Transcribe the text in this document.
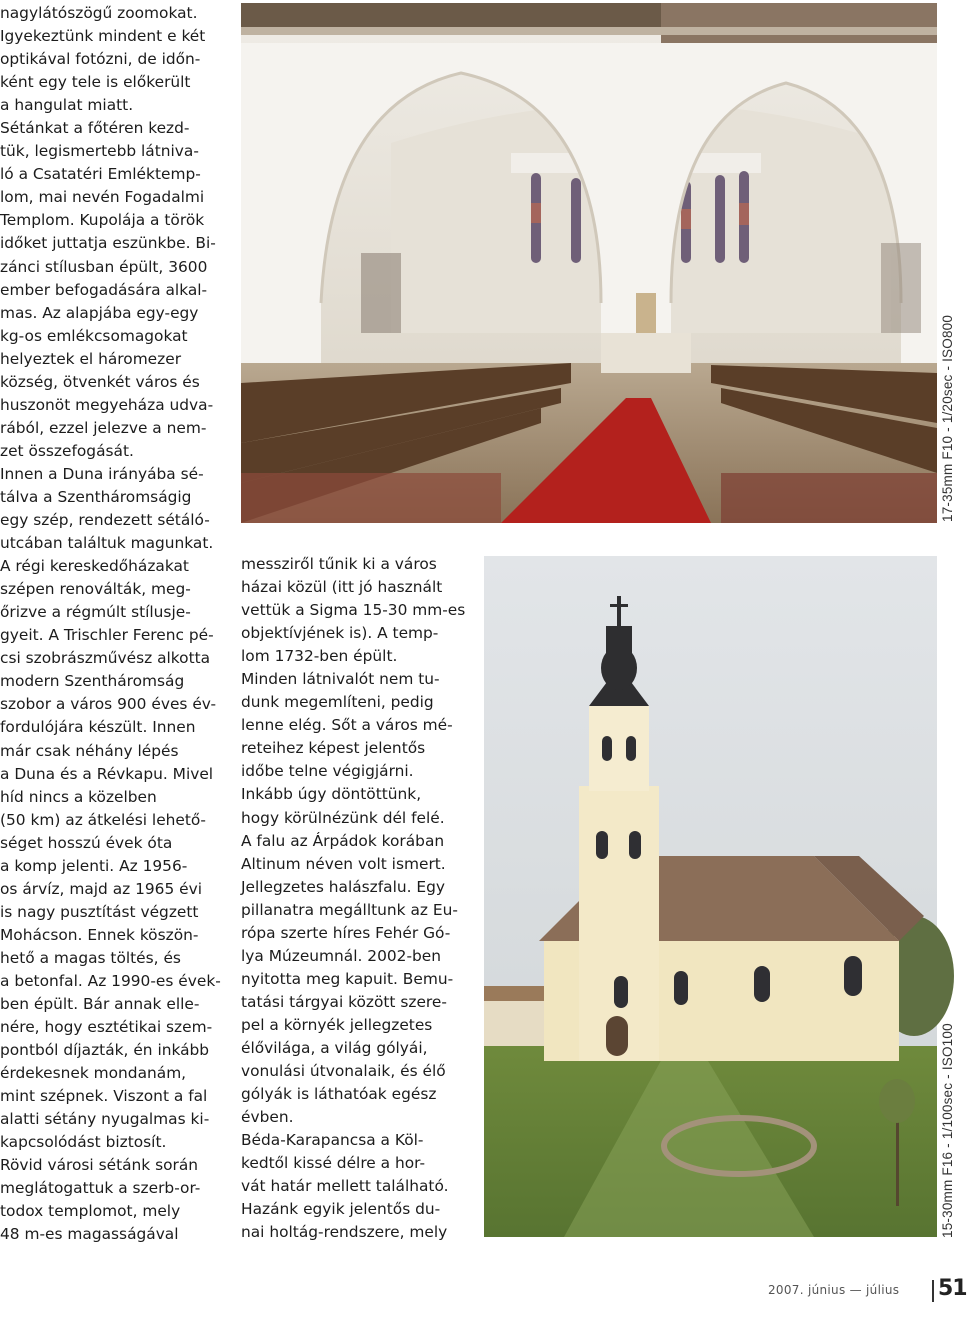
nagylátószögű zoomokat.
Igyekeztünk mindent e két
optikával fotózni, de időn-
ként egy tele is előkerült
a hangulat miatt.
Sétánkat a főtéren kezd-
tük, legismertebb látniva-
ló a Csatatéri Emléktemp-
lom, mai nevén Fogadalmi
Templom. Kupolája a török
időket juttatja eszünkbe. Bi-
zánci stílusban épült, 3600
ember befogadására alkal-
mas. Az alapjába egy-egy
kg-os emlékcsomagokat
helyeztek el háromezer
község, ötvenkét város és
huszonöt megyeháza udva-
rából, ezzel jelezve a nem-
zet összefogását.
Innen a Duna irányába sé-
tálva a Szentháromságig
egy szép, rendezett sétáló-
utcában találtuk magunkat.
A régi kereskedőházakat
szépen renoválták, meg-
őrizve a régmúlt stílusje-
gyeit. A Trischler Ferenc pé-
csi szobrászművész alkotta
modern Szentháromság
szobor a város 900 éves év-
fordulójára készült. Innen
már csak néhány lépés
a Duna és a Révkapu. Mivel
híd nincs a közelben
(50 km) az átkelési lehető-
séget hosszú évek óta
a komp jelenti. Az 1956-
os árvíz, majd az 1965 évi
is nagy pusztítást végzett
Mohácson. Ennek köszön-
hető a magas töltés, és
a betonfal. Az 1990-es évek-
ben épült. Bár annak elle-
nére, hogy esztétikai szem-
pontból díjazták, én inkább
érdekesnek mondanám,
mint szépnek. Viszont a fal
alatti sétány nyugalmas ki-
kapcsolódást biztosít.
Rövid városi sétánk során
meglátogattuk a szerb-or-
todox templomot, mely
48 m-es magasságával
messziről tűnik ki a város
házai közül (itt jó használt
vettük a Sigma 15-30 mm-es
objektívjének is). A temp-
lom 1732-ben épült.
Minden látnivalót nem tu-
dunk megemlíteni, pedig
lenne elég. Sőt a város mé-
reteihez képest jelentős
időbe telne végigjárni.
Inkább úgy döntöttünk,
hogy körülnézünk dél felé.
A falu az Árpádok korában
Altinum néven volt ismert.
Jellegzetes halászfalu. Egy
pillanatra megálltunk az Eu-
rópa szerte híres Fehér Gó-
lya Múzeumnál. 2002-ben
nyitotta meg kapuit. Bemu-
tatási tárgyai között szere-
pel a környék jellegzetes
élővilága, a világ gólyái,
vonulási útvonalaik, és élő
gólyák is láthatóak egész
évben.
Béda-Karapancsa a Köl-
kedtől kissé délre a hor-
vát határ mellett található.
Hazánk egyik jelentős du-
nai holtág-rendszere, mely
17-35mm F10 - 1/20sec - ISO800
15-30mm F16 - 1/100sec - ISO100
2007. június — július 51
